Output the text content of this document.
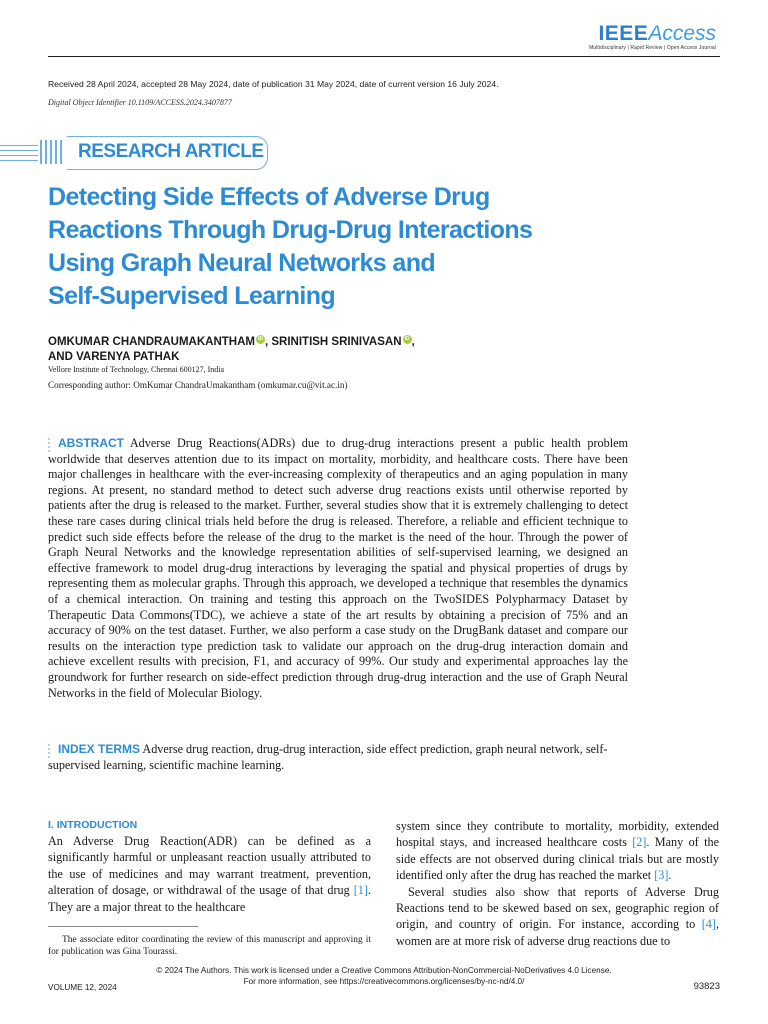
IEEEAccess
Multidisciplinary | Rapid Review | Open Access Journal
Received 28 April 2024, accepted 28 May 2024, date of publication 31 May 2024, date of current version 16 July 2024.
Digital Object Identifier 10.1109/ACCESS.2024.3407877
RESEARCH ARTICLE
Detecting Side Effects of Adverse Drug
Reactions Through Drug-Drug Interactions
Using Graph Neural Networks and
Self-Supervised Learning
OMKUMAR CHANDRAUMAKANTHAM iD , SRINITISH SRINIVASAN iD ,
AND VARENYA PATHAK
Vellore Institute of Technology, Chennai 600127, India
Corresponding author: OmKumar ChandraUmakantham (omkumar.cu@vit.ac.in)
ABSTRACT Adverse Drug Reactions(ADRs) due to drug-drug interactions present a public health problem worldwide that deserves attention due to its impact on mortality, morbidity, and healthcare costs. There have been major challenges in healthcare with the ever-increasing complexity of therapeutics and an aging population in many regions. At present, no standard method to detect such adverse drug reactions exists until otherwise reported by patients after the drug is released to the market. Further, several studies show that it is extremely challenging to detect these rare cases during clinical trials held before the drug is released. Therefore, a reliable and efficient technique to predict such side effects before the release of the drug to the market is the need of the hour. Through the power of Graph Neural Networks and the knowledge representation abilities of self-supervised learning, we designed an effective framework to model drug-drug interactions by leveraging the spatial and physical properties of drugs by representing them as molecular graphs. Through this approach, we developed a technique that resembles the dynamics of a chemical interaction. On training and testing this approach on the TwoSIDES Polypharmacy Dataset by Therapeutic Data Commons(TDC), we achieve a state of the art results by obtaining a precision of 75% and an accuracy of 90% on the test dataset. Further, we also perform a case study on the DrugBank dataset and compare our results on the interaction type prediction task to validate our approach on the drug-drug interaction domain and achieve excellent results with precision, F1, and accuracy of 99%. Our study and experimental approaches lay the groundwork for further research on side-effect prediction through drug-drug interaction and the use of Graph Neural Networks in the field of Molecular Biology.
INDEX TERMS Adverse drug reaction, drug-drug interaction, side effect prediction, graph neural network, self-supervised learning, scientific machine learning.
I. INTRODUCTION
An Adverse Drug Reaction(ADR) can be defined as a significantly harmful or unpleasant reaction usually attributed to the use of medicines and may warrant treatment, prevention, alteration of dosage, or withdrawal of the usage of that drug [1]. They are a major threat to the healthcare
The associate editor coordinating the review of this manuscript and approving it for publication was Gina Tourassi.
system since they contribute to mortality, morbidity, extended hospital stays, and increased healthcare costs [2]. Many of the side effects are not observed during clinical trials but are mostly identified only after the drug has reached the market [3].
Several studies also show that reports of Adverse Drug Reactions tend to be skewed based on sex, geographic region of origin, and country of origin. For instance, according to [4], women are at more risk of adverse drug reactions due to
© 2024 The Authors. This work is licensed under a Creative Commons Attribution-NonCommercial-NoDerivatives 4.0 License.
For more information, see https://creativecommons.org/licenses/by-nc-nd/4.0/
VOLUME 12, 2024	93823
